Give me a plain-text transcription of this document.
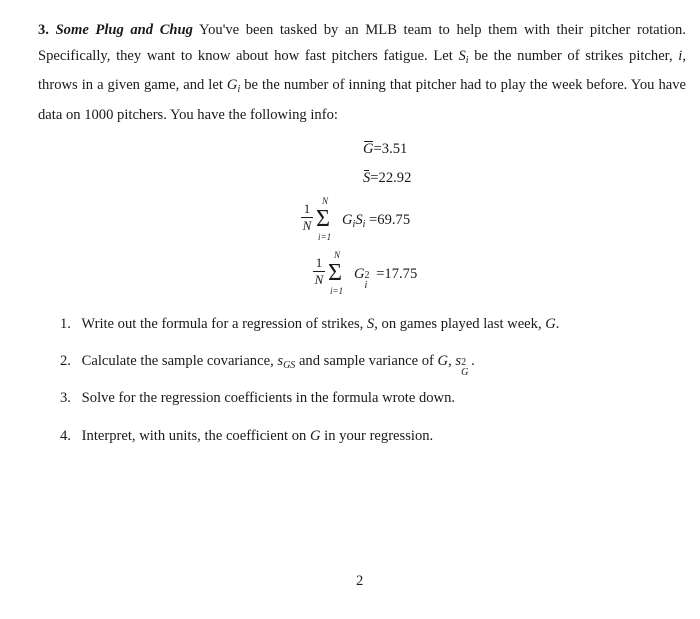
3. Some Plug and Chug You've been tasked by an MLB team to help them with their pitcher rotation. Specifically, they want to know about how fast pitchers fatigue. Let $S_i$ be the number of strikes pitcher, i, throws in a given game, and let $G_i$ be the number of inning that pitcher had to play the week before. You have data on 1000 pitchers. You have the following info:
G=3.51
S=22.92
1
N
N
Σ
i=1
$G_iS_i =69.75$
1
N
N
Σ
i=1
G 2
i
=17.75
1. Write out the formula for a regression of strikes, S, on games played last week, G.
2. Calculate the sample covariance, $s_{GS}$ and sample variance of G, s 2
G
.
3. Solve for the regression coefficients in the formula wrote down.
4. Interpret, with units, the coefficient on G in your regression.
2
